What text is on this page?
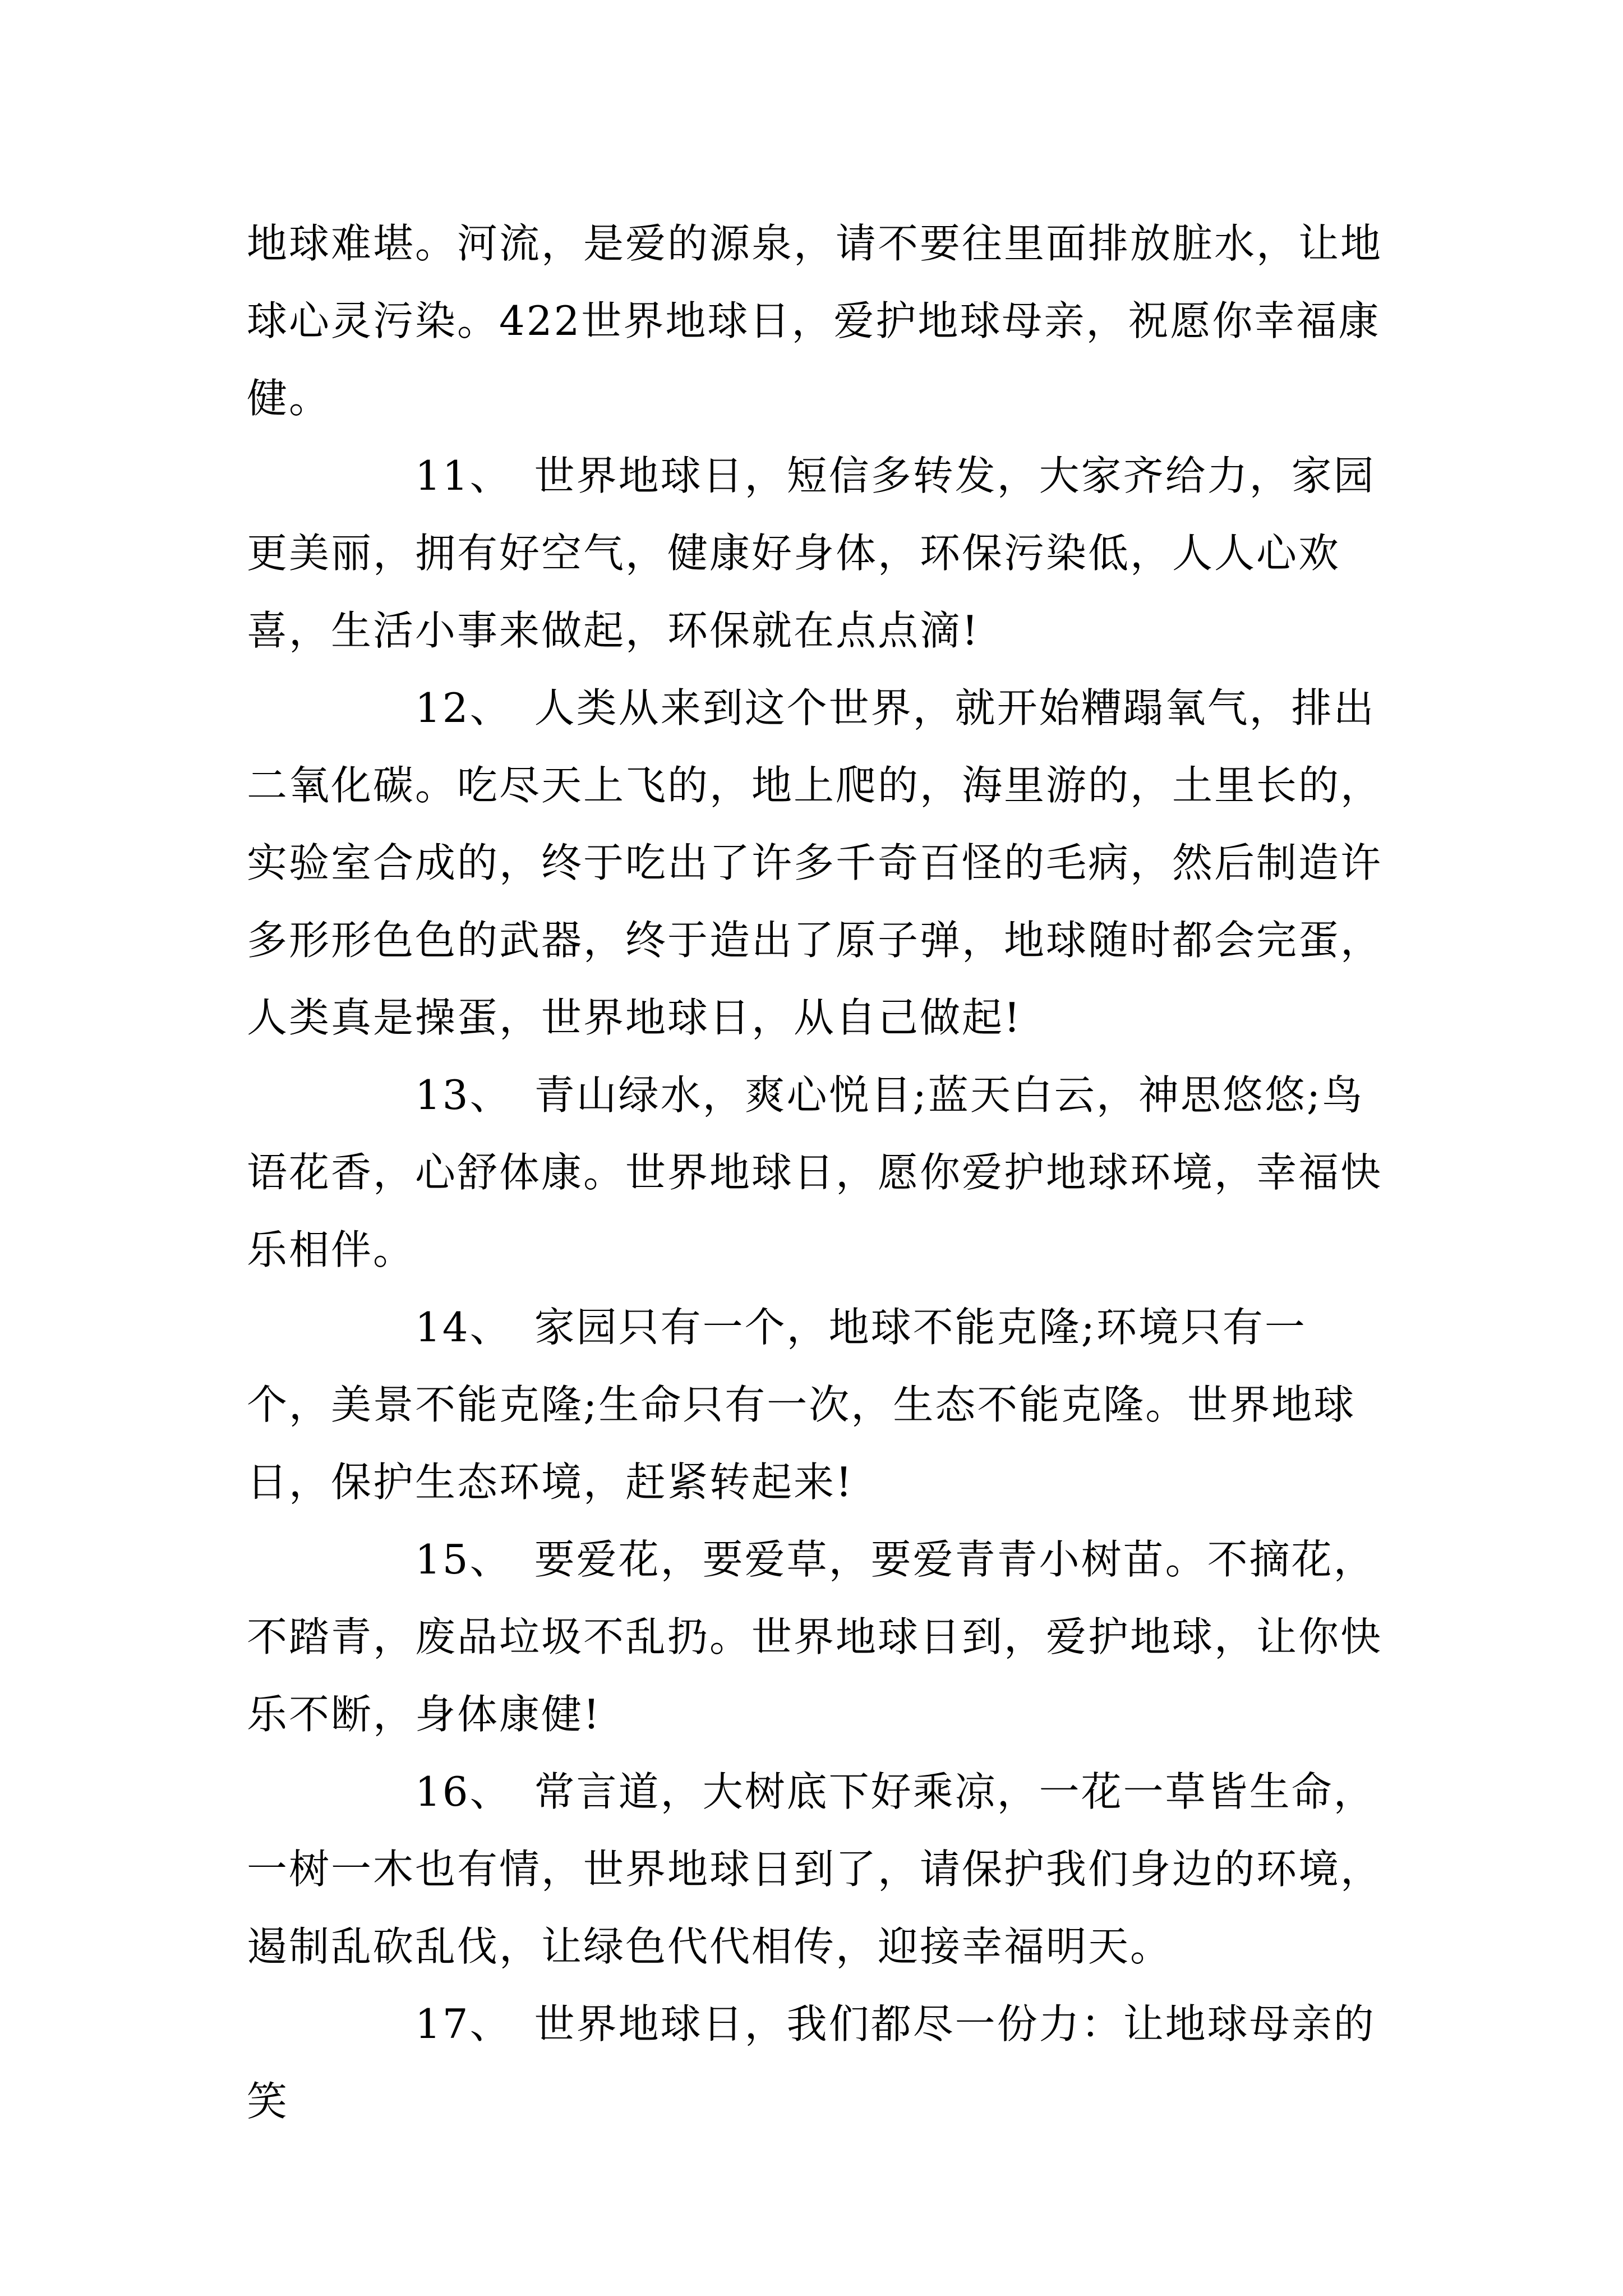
地球难堪。河流，是爱的源泉，请不要往里面排放脏水，让地球心灵污染。422世界地球日，爱护地球母亲，祝愿你幸福康健。

11、 世界地球日，短信多转发，大家齐给力，家园更美丽，拥有好空气，健康好身体，环保污染低，人人心欢喜，生活小事来做起，环保就在点点滴!

12、 人类从来到这个世界，就开始糟蹋氧气，排出二氧化碳。吃尽天上飞的，地上爬的，海里游的，土里长的，实验室合成的，终于吃出了许多千奇百怪的毛病，然后制造许多形形色色的武器，终于造出了原子弹，地球随时都会完蛋，人类真是操蛋，世界地球日，从自己做起!

13、 青山绿水，爽心悦目;蓝天白云，神思悠悠;鸟语花香，心舒体康。世界地球日，愿你爱护地球环境，幸福快乐相伴。

14、 家园只有一个，地球不能克隆;环境只有一个，美景不能克隆;生命只有一次，生态不能克隆。世界地球日，保护生态环境，赶紧转起来!

15、 要爱花，要爱草，要爱青青小树苗。不摘花，不踏青，废品垃圾不乱扔。世界地球日到，爱护地球，让你快乐不断，身体康健!

16、 常言道，大树底下好乘凉，一花一草皆生命，一树一木也有情，世界地球日到了，请保护我们身边的环境，遏制乱砍乱伐，让绿色代代相传，迎接幸福明天。

17、 世界地球日，我们都尽一份力：让地球母亲的笑
